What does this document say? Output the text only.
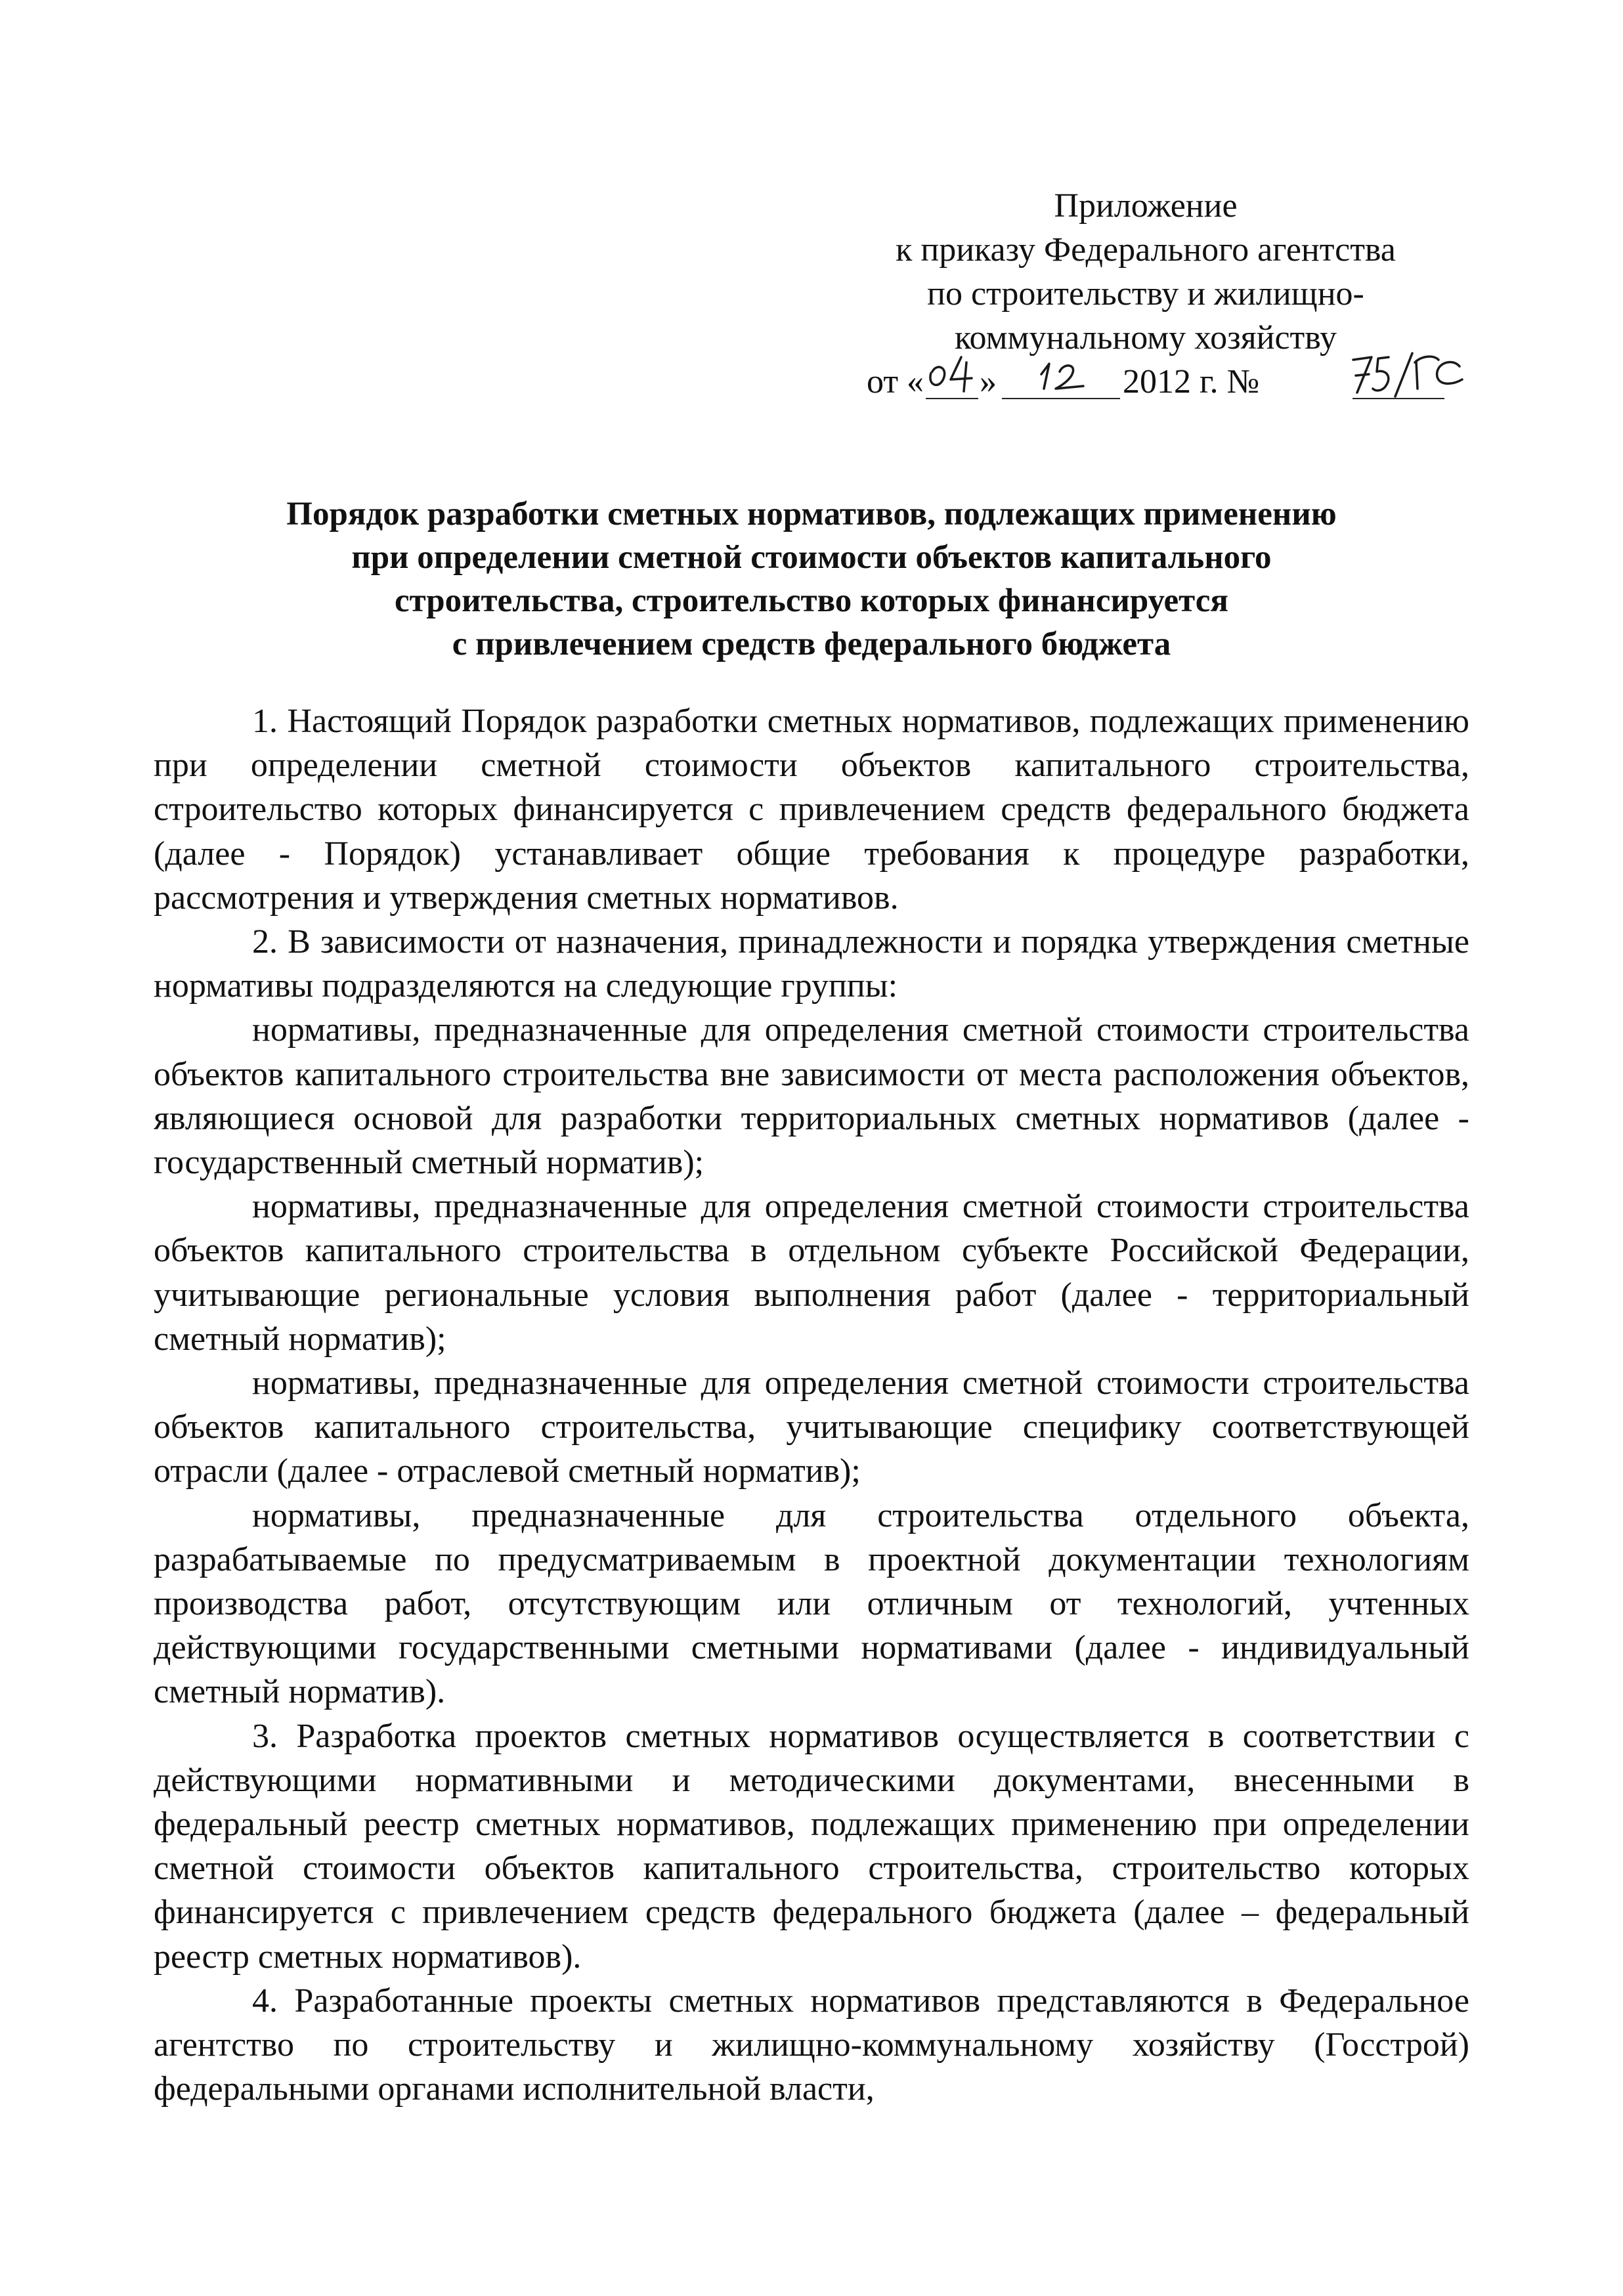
Приложение
к приказу Федерального агентства
по строительству и жилищно-
коммунальному хозяйству
от « »	2012 г. №
Порядок разработки сметных нормативов, подлежащих применению
при определении сметной стоимости объектов капитального
строительства, строительство которых финансируется
с привлечением средств федерального бюджета

1. Настоящий Порядок разработки сметных нормативов, подлежащих применению при определении сметной стоимости объектов капитального строительства, строительство которых финансируется с привлечением средств федерального бюджета (далее - Порядок) устанавливает общие требования к процедуре разработки, рассмотрения и утверждения сметных нормативов.

2. В зависимости от назначения, принадлежности и порядка утверждения сметные нормативы подразделяются на следующие группы:

нормативы, предназначенные для определения сметной стоимости строительства объектов капитального строительства вне зависимости от места расположения объектов, являющиеся основой для разработки территориальных сметных нормативов (далее - государственный сметный норматив);

нормативы, предназначенные для определения сметной стоимости строительства объектов капитального строительства в отдельном субъекте Российской Федерации, учитывающие региональные условия выполнения работ (далее - территориальный сметный норматив);

нормативы, предназначенные для определения сметной стоимости строительства объектов капитального строительства, учитывающие специфику соответствующей отрасли (далее - отраслевой сметный норматив);

нормативы, предназначенные для строительства отдельного объекта, разрабатываемые по предусматриваемым в проектной документации технологиям производства работ, отсутствующим или отличным от технологий, учтенных действующими государственными сметными нормативами (далее - индивидуальный сметный норматив).

3. Разработка проектов сметных нормативов осуществляется в соответствии с действующими нормативными и методическими документами, внесенными в федеральный реестр сметных нормативов, подлежащих применению при определении сметной стоимости объектов капитального строительства, строительство которых финансируется с привлечением средств федерального бюджета (далее – федеральный реестр сметных нормативов).

4. Разработанные проекты сметных нормативов представляются в Федеральное агентство по строительству и жилищно-коммунальному хозяйству (Госстрой) федеральными органами исполнительной власти,
